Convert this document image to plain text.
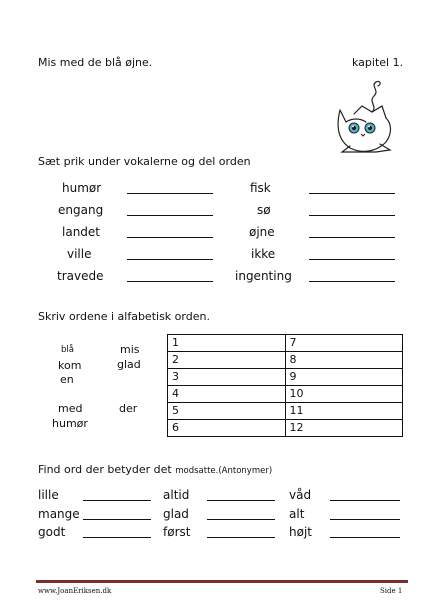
Mis med de blå øjne.	kapitel 1.
Sæt prik under vokalerne og del orden
humør	fisk
engang	sø
landet	øjne
ville	ikke
travede	ingenting
Skriv ordene i alfabetisk orden.
blå	mis
kom	glad
en
med	der
humør
1	7
2	8
3	9
4	10
5	11
6	12
Find ord der betyder det modsatte.(Antonymer)
lille	altid	våd
mange	glad	alt
godt	først	højt
www.JoanEriksen.dk	Side 1
